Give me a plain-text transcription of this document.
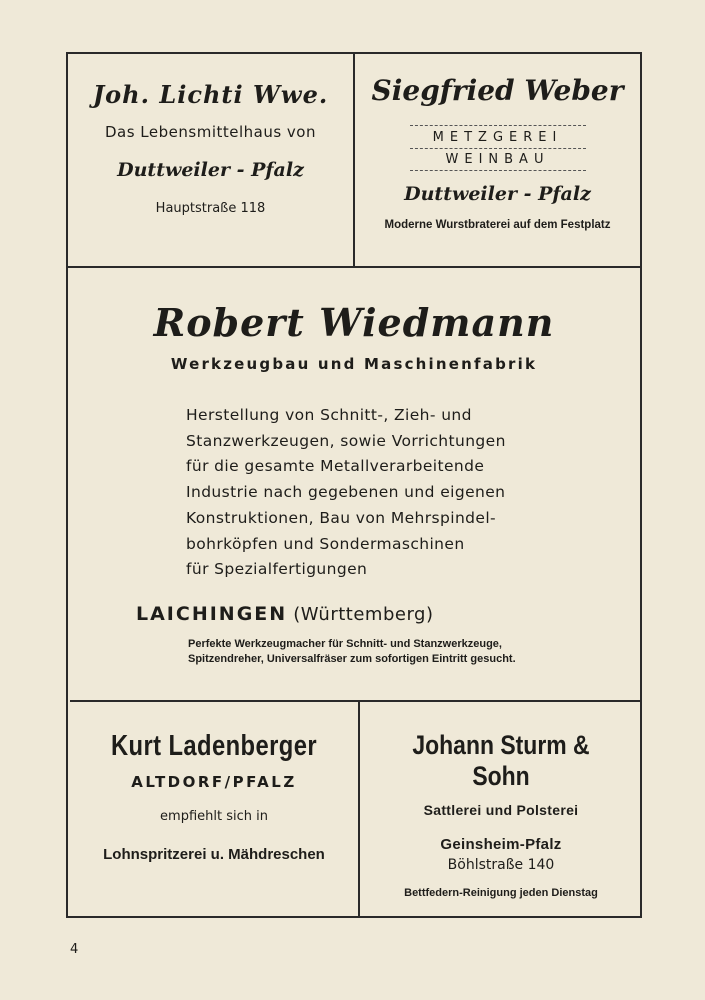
Joh. Lichti Wwe.
Das Lebensmittelhaus von
Duttweiler - Pfalz
Hauptstraße 118
Siegfried Weber
METZGEREI
WEINBAU
Duttweiler - Pfalz
Moderne Wurstbraterei auf dem Festplatz
Robert Wiedmann
Werkzeugbau und Maschinenfabrik
Herstellung von Schnitt-, Zieh- und
Stanzwerkzeugen, sowie Vorrichtungen
für die gesamte Metallverarbeitende
Industrie nach gegebenen und eigenen
Konstruktionen, Bau von Mehrspindel-
bohrköpfen und Sondermaschinen
für Spezialfertigungen
LAICHINGEN (Württemberg)
Perfekte Werkzeugmacher für Schnitt- und Stanzwerkzeuge,
Spitzendreher, Universalfräser zum sofortigen Eintritt gesucht.
Kurt Ladenberger
ALTDORF/PFALZ
empfiehlt sich in
Lohnspritzerei u. Mähdreschen
Johann Sturm & Sohn
Sattlerei und Polsterei
Geinsheim-Pfalz
Böhlstraße 140
Bettfedern-Reinigung jeden Dienstag
4
